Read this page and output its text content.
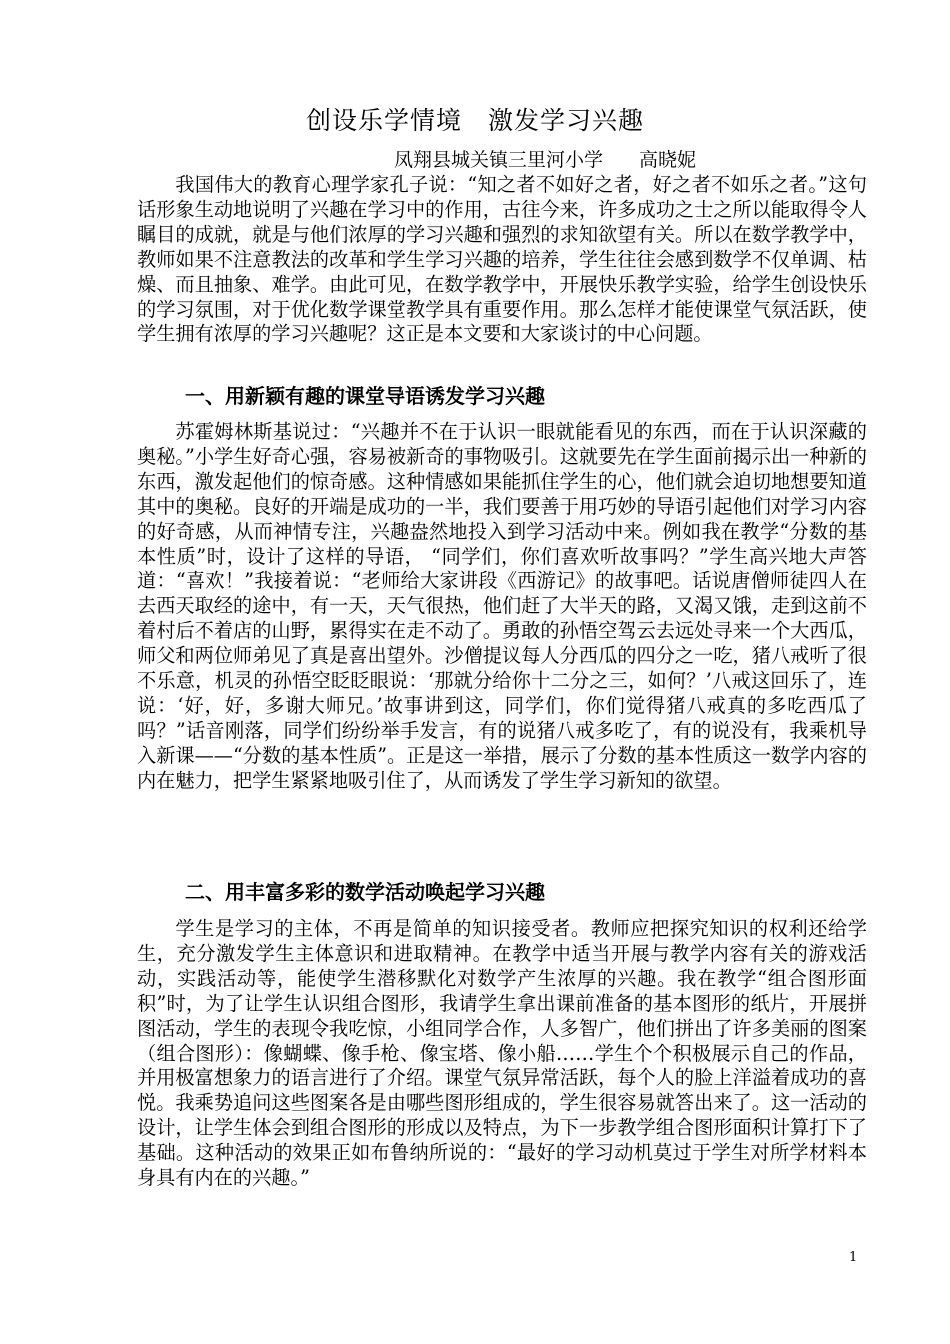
创设乐学情境　激发学习兴趣
凤翔县城关镇三里河小学 高晓妮

我国伟大的教育心理学家孔子说：“知之者不如好之者，好之者不如乐之者。”这句话形象生动地说明了兴趣在学习中的作用，古往今来，许多成功之士之所以能取得令人瞩目的成就，就是与他们浓厚的学习兴趣和强烈的求知欲望有关。所以在数学教学中，教师如果不注意教法的改革和学生学习兴趣的培养，学生往往会感到数学不仅单调、枯燥、而且抽象、难学。由此可见，在数学教学中，开展快乐教学实验，给学生创设快乐的学习氛围，对于优化数学课堂教学具有重要作用。那么怎样才能使课堂气氛活跃，使学生拥有浓厚的学习兴趣呢？这正是本文要和大家谈讨的中心问题。

一、用新颖有趣的课堂导语诱发学习兴趣

苏霍姆林斯基说过：“兴趣并不在于认识一眼就能看见的东西，而在于认识深藏的奥秘。”小学生好奇心强，容易被新奇的事物吸引。这就要先在学生面前揭示出一种新的东西，激发起他们的惊奇感。这种情感如果能抓住学生的心，他们就会迫切地想要知道其中的奥秘。良好的开端是成功的一半，我们要善于用巧妙的导语引起他们对学习内容的好奇感，从而神情专注，兴趣盎然地投入到学习活动中来。例如我在教学“分数的基本性质”时，设计了这样的导语， “同学们，你们喜欢听故事吗？”学生高兴地大声答道：“喜欢！”我接着说：“老师给大家讲段《西游记》的故事吧。话说唐僧师徒四人在去西天取经的途中，有一天，天气很热，他们赶了大半天的路，又渴又饿，走到这前不着村后不着店的山野，累得实在走不动了。勇敢的孙悟空驾云去远处寻来一个大西瓜，师父和两位师弟见了真是喜出望外。沙僧提议每人分西瓜的四分之一吃，猪八戒听了很不乐意，机灵的孙悟空眨眨眼说：‘那就分给你十二分之三，如何？’八戒这回乐了，连说：‘好，好，多谢大师兄。’故事讲到这，同学们，你们觉得猪八戒真的多吃西瓜了吗？”话音刚落，同学们纷纷举手发言，有的说猪八戒多吃了，有的说没有，我乘机导入新课——“分数的基本性质”。正是这一举措，展示了分数的基本性质这一数学内容的内在魅力，把学生紧紧地吸引住了，从而诱发了学生学习新知的欲望。

二、用丰富多彩的数学活动唤起学习兴趣

学生是学习的主体，不再是简单的知识接受者。教师应把探究知识的权利还给学生，充分激发学生主体意识和进取精神。在教学中适当开展与教学内容有关的游戏活动，实践活动等，能使学生潜移默化对数学产生浓厚的兴趣。我在教学“组合图形面积”时，为了让学生认识组合图形，我请学生拿出课前准备的基本图形的纸片，开展拼图活动，学生的表现令我吃惊，小组同学合作，人多智广，他们拼出了许多美丽的图案（组合图形）：像蝴蝶、像手枪、像宝塔、像小船……学生个个积极展示自己的作品，并用极富想象力的语言进行了介绍。课堂气氛异常活跃，每个人的脸上洋溢着成功的喜悦。我乘势追问这些图案各是由哪些图形组成的，学生很容易就答出来了。这一活动的设计，让学生体会到组合图形的形成以及特点，为下一步教学组合图形面积计算打下了基础。这种活动的效果正如布鲁纳所说的：“最好的学习动机莫过于学生对所学材料本身具有内在的兴趣。”

1
